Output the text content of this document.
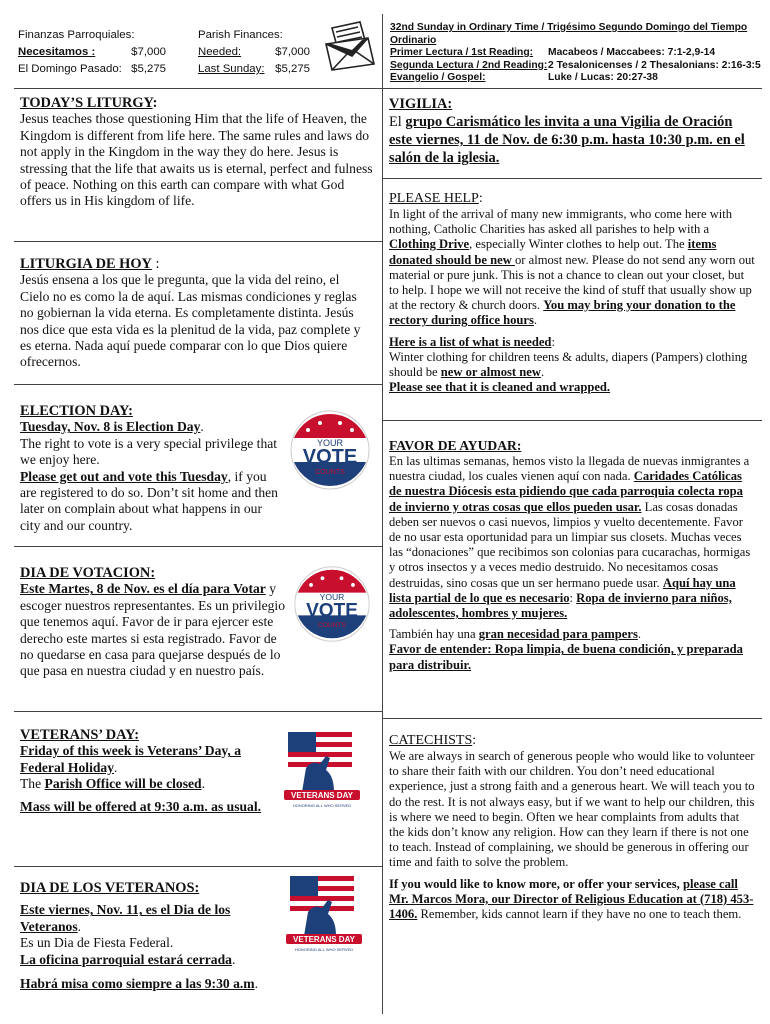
Finanzas Parroquiales:
Necesitamos :	$7,000
El Domingo Pasado: $5,275
Parish Finances:
Needed:	$7,000
Last Sunday: $5,275
32nd Sunday in Ordinary Time / Trigésimo Segundo Domingo del Tiempo Ordinario
Primer Lectura / 1st Reading:	Macabeos / Maccabees: 7:1-2,9-14
Segunda Lectura / 2nd Reading: 2 Tesalonicenses / 2 Thesalonians: 2:16-3:5
Evangelio / Gospel:	Luke / Lucas: 20:27-38
TODAY’S LITURGY:

Jesus teaches those questioning Him that the life of Heaven, the Kingdom is different from life here. The same rules and laws do not apply in the Kingdom in the way they do here. Jesus is stressing that the life that awaits us is eternal, perfect and fulness of peace. Nothing on this earth can compare with what God offers us in His kingdom of life.

LITURGIA DE HOY :

Jesús ensena a los que le pregunta, que la vida del reino, el Cielo no es como la de aquí. Las mismas condiciones y reglas no gobiernan la vida eterna. Es completamente distinta. Jesús nos dice que esta vida es la plenitud de la vida, paz complete y es eterna. Nada aquí puede comparar con lo que Dios quiere ofrecernos.

ELECTION DAY:

Tuesday, Nov. 8 is Election Day.

The right to vote is a very special privilege that we enjoy here.

Please get out and vote this Tuesday, if you are registered to do so. Don’t sit home and then later on complain about what happens in our city and our country.

YOUR
VOTE
COUNTS
DIA DE VOTACION:

Este Martes, 8 de Nov. es el día para Votar y escoger nuestros representantes. Es un privilegio que tenemos aquí. Favor de ir para ejercer este derecho este martes si esta registrado. Favor de no quedarse en casa para quejarse después de lo que pasa en nuestra ciudad y en nuestro país.

YOUR
VOTE
COUNTS
VETERANS’ DAY:

Friday of this week is Veterans’ Day, a Federal Holiday.

The Parish Office will be closed.

Mass will be offered at 9:30 a.m. as usual.

VETERANS DAY
HONORING ALL WHO SERVED
DIA DE LOS VETERANOS:

Este viernes, Nov. 11, es el Dia de los Veteranos.

Es un Dia de Fiesta Federal.

La oficina parroquial estará cerrada.

Habrá misa como siempre a las 9:30 a.m.

VETERANS DAY
HONORING ALL WHO SERVED
VIGILIA:

El grupo Carismático les invita a una Vigilia de Oración este viernes, 11 de Nov. de 6:30 p.m. hasta 10:30 p.m. en el salón de la iglesia.

PLEASE HELP:

In light of the arrival of many new immigrants, who come here with nothing, Catholic Charities has asked all parishes to help with a Clothing Drive, especially Winter clothes to help out. The items donated should be new or almost new. Please do not send any worn out material or pure junk. This is not a chance to clean out your closet, but to help. I hope we will not receive the kind of stuff that usually show up at the rectory & church doors. You may bring your donation to the rectory during office hours.

Here is a list of what is needed:

Winter clothing for children teens & adults, diapers (Pampers) clothing should be new or almost new.

Please see that it is cleaned and wrapped.

FAVOR DE AYUDAR:

En las ultimas semanas, hemos visto la llegada de nuevas inmigrantes a nuestra ciudad, los cuales vienen aquí con nada. Caridades Católicas de nuestra Diócesis esta pidiendo que cada parroquia colecta ropa de invierno y otras cosas que ellos pueden usar. Las cosas donadas deben ser nuevos o casi nuevos, limpios y vuelto decentemente. Favor de no usar esta oportunidad para un limpiar sus closets. Muchas veces las “donaciones” que recibimos son colonias para cucarachas, hormigas y otros insectos y a veces medio destruido. No necesitamos cosas destruidas, sino cosas que un ser hermano puede usar. Aquí hay una lista partial de lo que es necesario: Ropa de invierno para niños, adolescentes, hombres y mujeres.

También hay una gran necesidad para pampers.

Favor de entender: Ropa limpia, de buena condición, y preparada para distribuir.

CATECHISTS:

We are always in search of generous people who would like to volunteer to share their faith with our children. You don’t need educational experience, just a strong faith and a generous heart. We will teach you to do the rest. It is not always easy, but if we want to help our children, this is where we need to begin. Often we hear complaints from adults that the kids don’t know any religion. How can they learn if there is not one to teach. Instead of complaining, we should be generous in offering our time and faith to solve the problem.

If you would like to know more, or offer your services, please call Mr. Marcos Mora, our Director of Religious Education at (718) 453-1406. Remember, kids cannot learn if they have no one to teach them.
